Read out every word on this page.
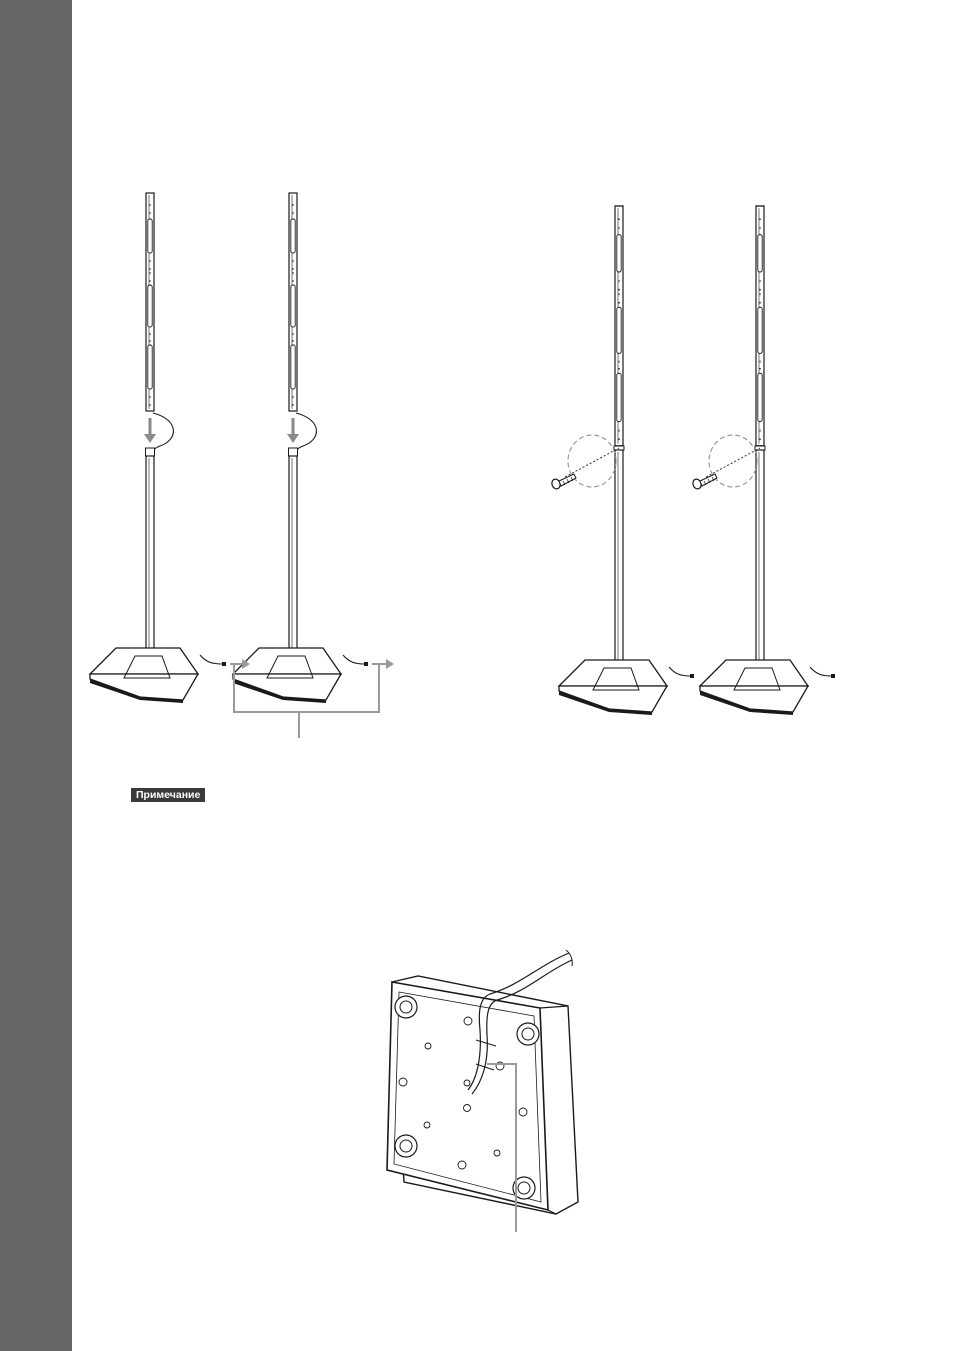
Примечание
